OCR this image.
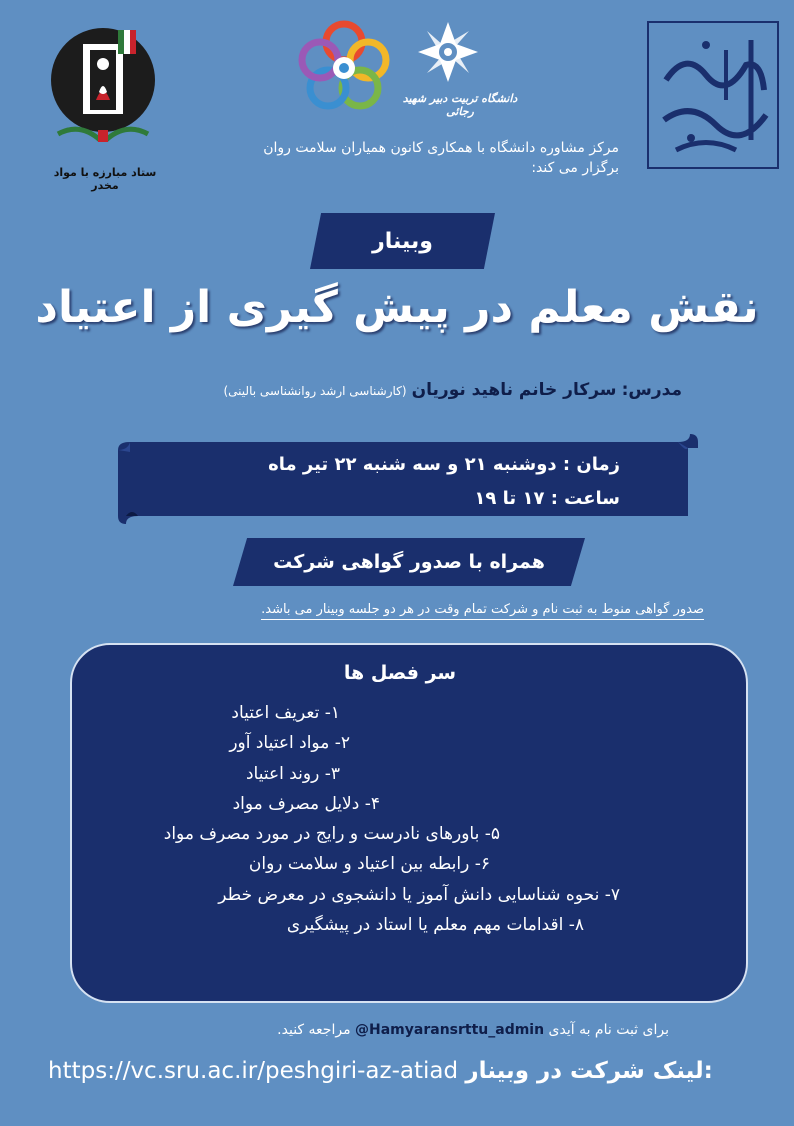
ستاد مبارزه با مواد مخدر
دانشگاه تربیت دبیر شهید رجائی
مرکز مشاوره دانشگاه با همکاری کانون همیاران سلامت روان
برگزار می کند:
وبینار
نقش معلم در پیش گیری از اعتیاد
مدرس: سرکار خانم ناهید نوریان (کارشناسی ارشد روانشناسی بالینی)
زمان : دوشنبه ۲۱ و سه شنبه ۲۲ تیر ماه
ساعت : ۱۷ تا ۱۹
همراه با صدور گواهی شرکت
صدور گواهی منوط به ثبت نام و شرکت تمام وقت در هر دو جلسه وبینار می باشد.
سر فصل ها
۱- تعریف اعتیاد
۲- مواد اعتیاد آور
۳- روند اعتیاد
۴- دلایل مصرف مواد
۵- باورهای نادرست و رایج در مورد مصرف مواد
۶- رابطه بین اعتیاد و سلامت روان
۷- نحوه شناسایی دانش آموز یا دانشجوی در معرض خطر
۸- اقدامات مهم معلم یا استاد در پیشگیری
برای ثبت نام به آیدی Hamyaransrttu_admin@ مراجعه کنید.
https://vc.sru.ac.ir/peshgiri-az-atiad لینک شرکت در وبینار:
